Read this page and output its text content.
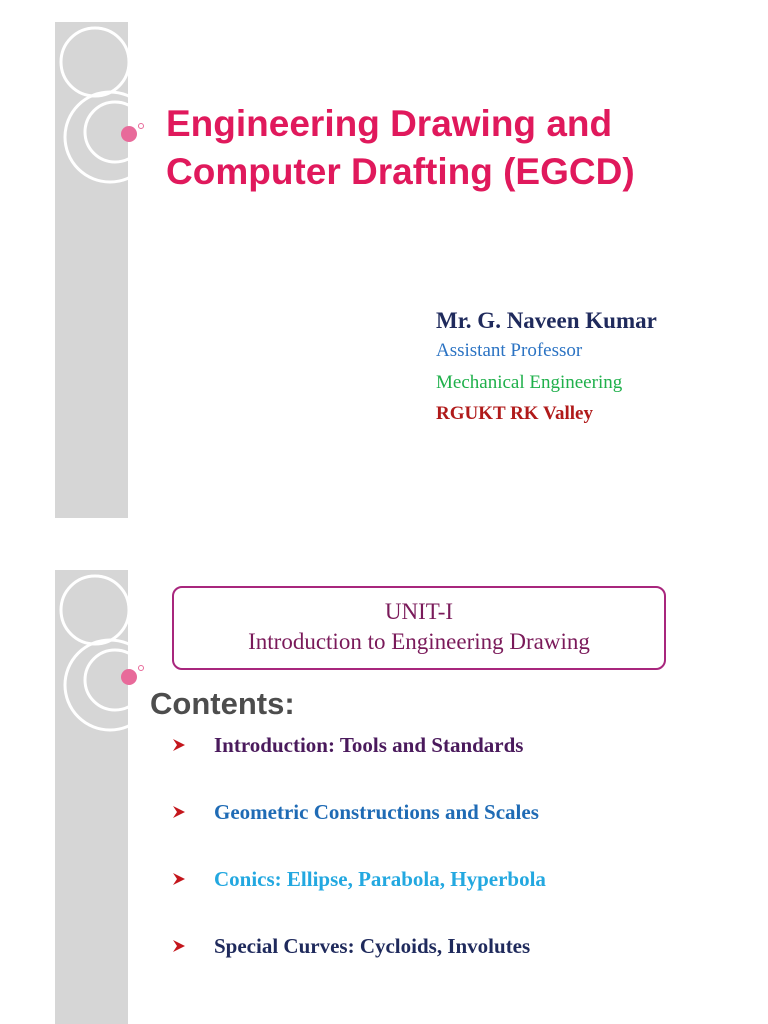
Engineering Drawing and
Computer Drafting (EGCD)
Mr. G. Naveen Kumar
Assistant Professor
Mechanical Engineering
RGUKT RK Valley
UNIT-I
Introduction to Engineering Drawing
Contents:
Introduction: Tools and Standards
Geometric Constructions and Scales
Conics: Ellipse, Parabola, Hyperbola
Special Curves: Cycloids, Involutes
